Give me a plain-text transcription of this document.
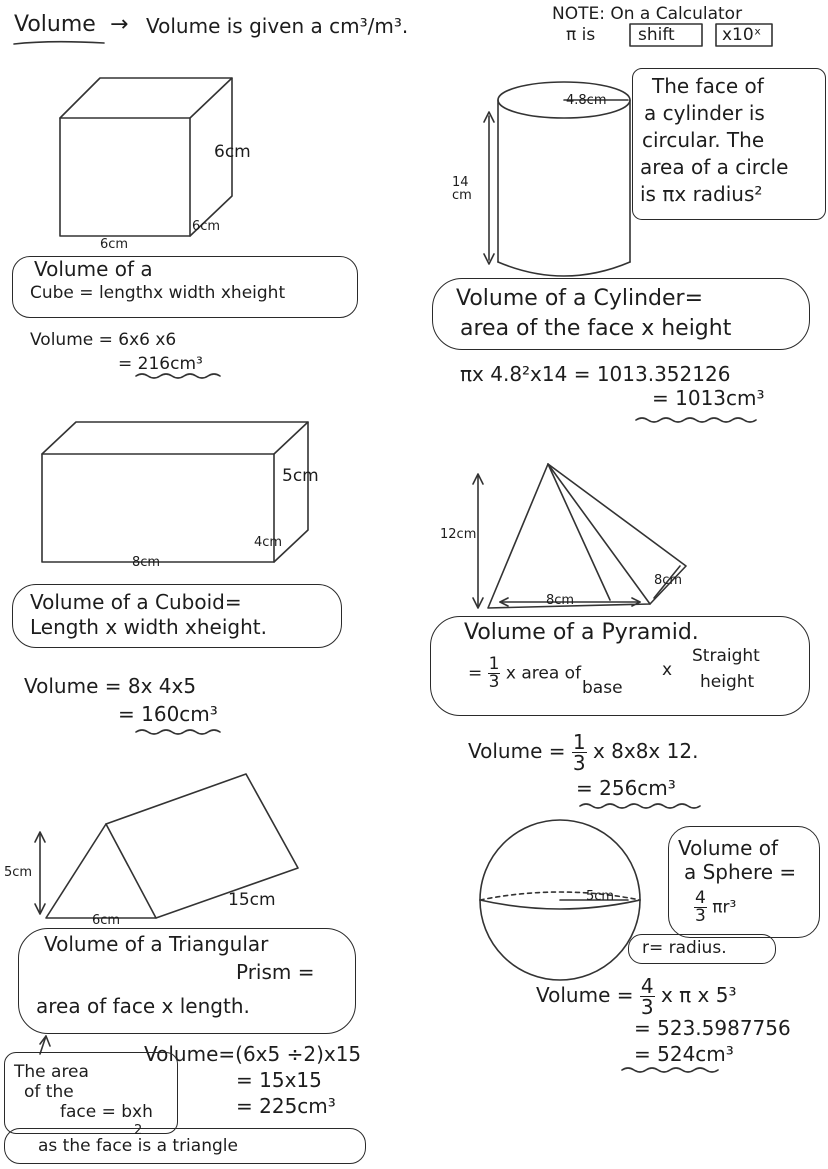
Volume → Volume is given a cm³/m³.	NOTE: On a Calculator
π is	shift	x10ˣ
6cm
6cm
6cm
Volume of a
Cube = lengthx width xheight
Volume = 6x6 x6
= 216cm³
4.8cm
14 cm
The face of
a cylinder is
circular. The
area of a circle
is πx radius²
Volume of a Cylinder=
area of the face x height
πx 4.8²x14 = 1013.352126
= 1013cm³
5cm
4cm
8cm
Volume of a Cuboid=
Length x width xheight.
Volume = 8x 4x5
= 160cm³
12cm
8cm
8cm
Volume of a Pyramid.
= $\frac{1}{3}$ x area of	x
Straight
base	height
Volume = $\frac{1}{3}$ x 8x8x 12.
= 256cm³
5cm
6cm
15cm
Volume of a Triangular
Prism =
area of face x length.
Volume=(6x5 ÷2)x15
= 15x15
= 225cm³
The area
of the
face = bxh
2
as the face is a triangle
5cm
Volume of
a Sphere =
$\frac{4}{3} \pi r^3$
r= radius.
Volume = $\frac{4}{3}$ x π x 5³
= 523.5987756
= 524cm³
